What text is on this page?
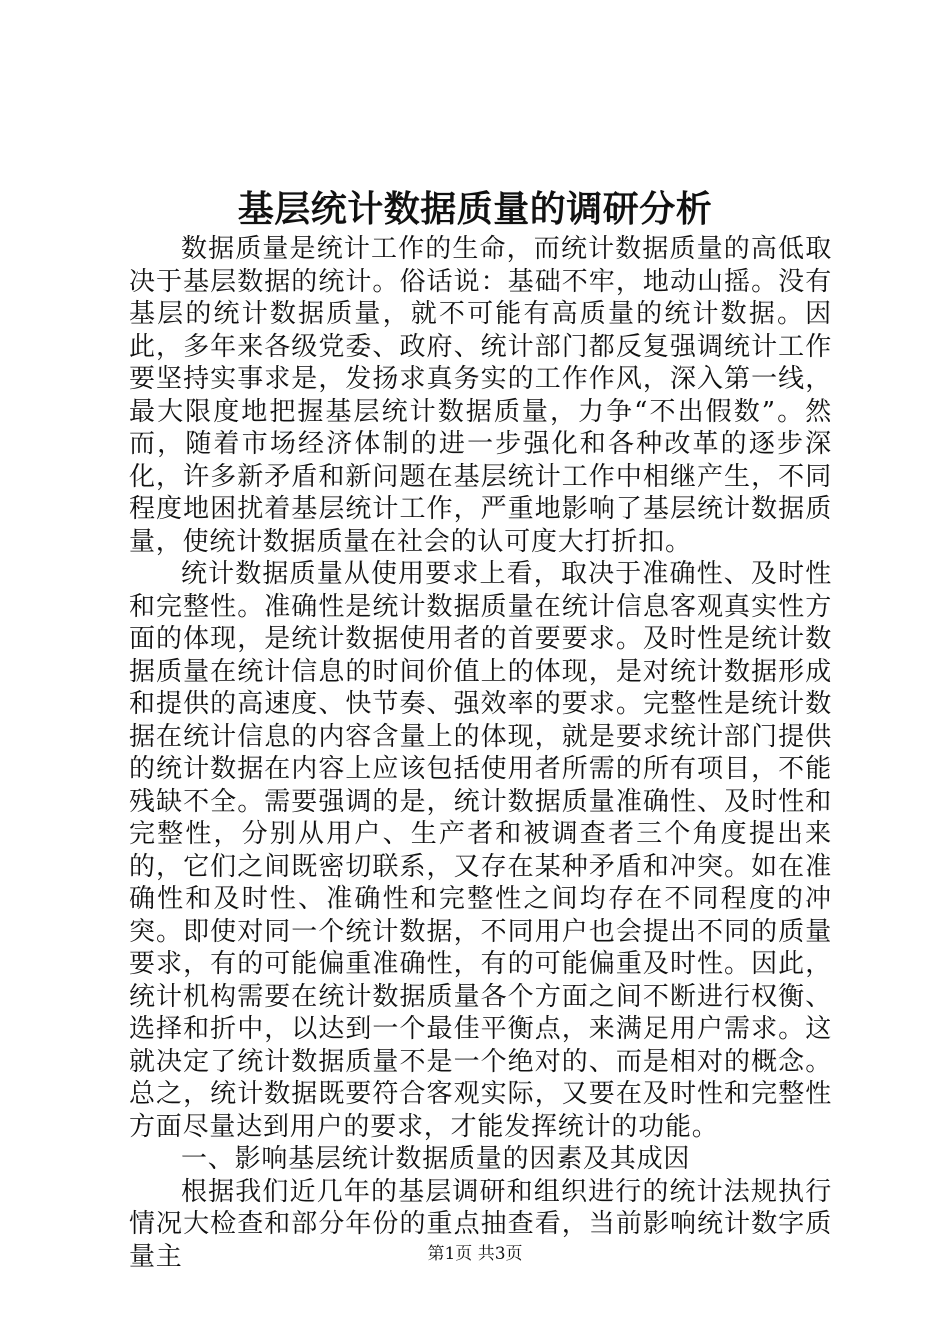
基层统计数据质量的调研分析

数据质量是统计工作的生命，而统计数据质量的高低取决于基层数据的统计。俗话说：基础不牢，地动山摇。没有基层的统计数据质量，就不可能有高质量的统计数据。因此，多年来各级党委、政府、统计部门都反复强调统计工作要坚持实事求是，发扬求真务实的工作作风，深入第一线，最大限度地把握基层统计数据质量，力争“不出假数”。然而，随着市场经济体制的进一步强化和各种改革的逐步深化，许多新矛盾和新问题在基层统计工作中相继产生，不同程度地困扰着基层统计工作，严重地影响了基层统计数据质量，使统计数据质量在社会的认可度大打折扣。

统计数据质量从使用要求上看，取决于准确性、及时性和完整性。准确性是统计数据质量在统计信息客观真实性方面的体现，是统计数据使用者的首要要求。及时性是统计数据质量在统计信息的时间价值上的体现，是对统计数据形成和提供的高速度、快节奏、强效率的要求。完整性是统计数据在统计信息的内容含量上的体现，就是要求统计部门提供的统计数据在内容上应该包括使用者所需的所有项目，不能残缺不全。需要强调的是，统计数据质量准确性、及时性和完整性，分别从用户、生产者和被调查者三个角度提出来的，它们之间既密切联系，又存在某种矛盾和冲突。如在准确性和及时性、准确性和完整性之间均存在不同程度的冲突。即使对同一个统计数据，不同用户也会提出不同的质量要求，有的可能偏重准确性，有的可能偏重及时性。因此，统计机构需要在统计数据质量各个方面之间不断进行权衡、选择和折中，以达到一个最佳平衡点，来满足用户需求。这就决定了统计数据质量不是一个绝对的、而是相对的概念。总之，统计数据既要符合客观实际，又要在及时性和完整性方面尽量达到用户的要求，才能发挥统计的功能。

一、影响基层统计数据质量的因素及其成因

根据我们近几年的基层调研和组织进行的统计法规执行情况大检查和部分年份的重点抽查看，当前影响统计数字质量主	第1页 共3页
